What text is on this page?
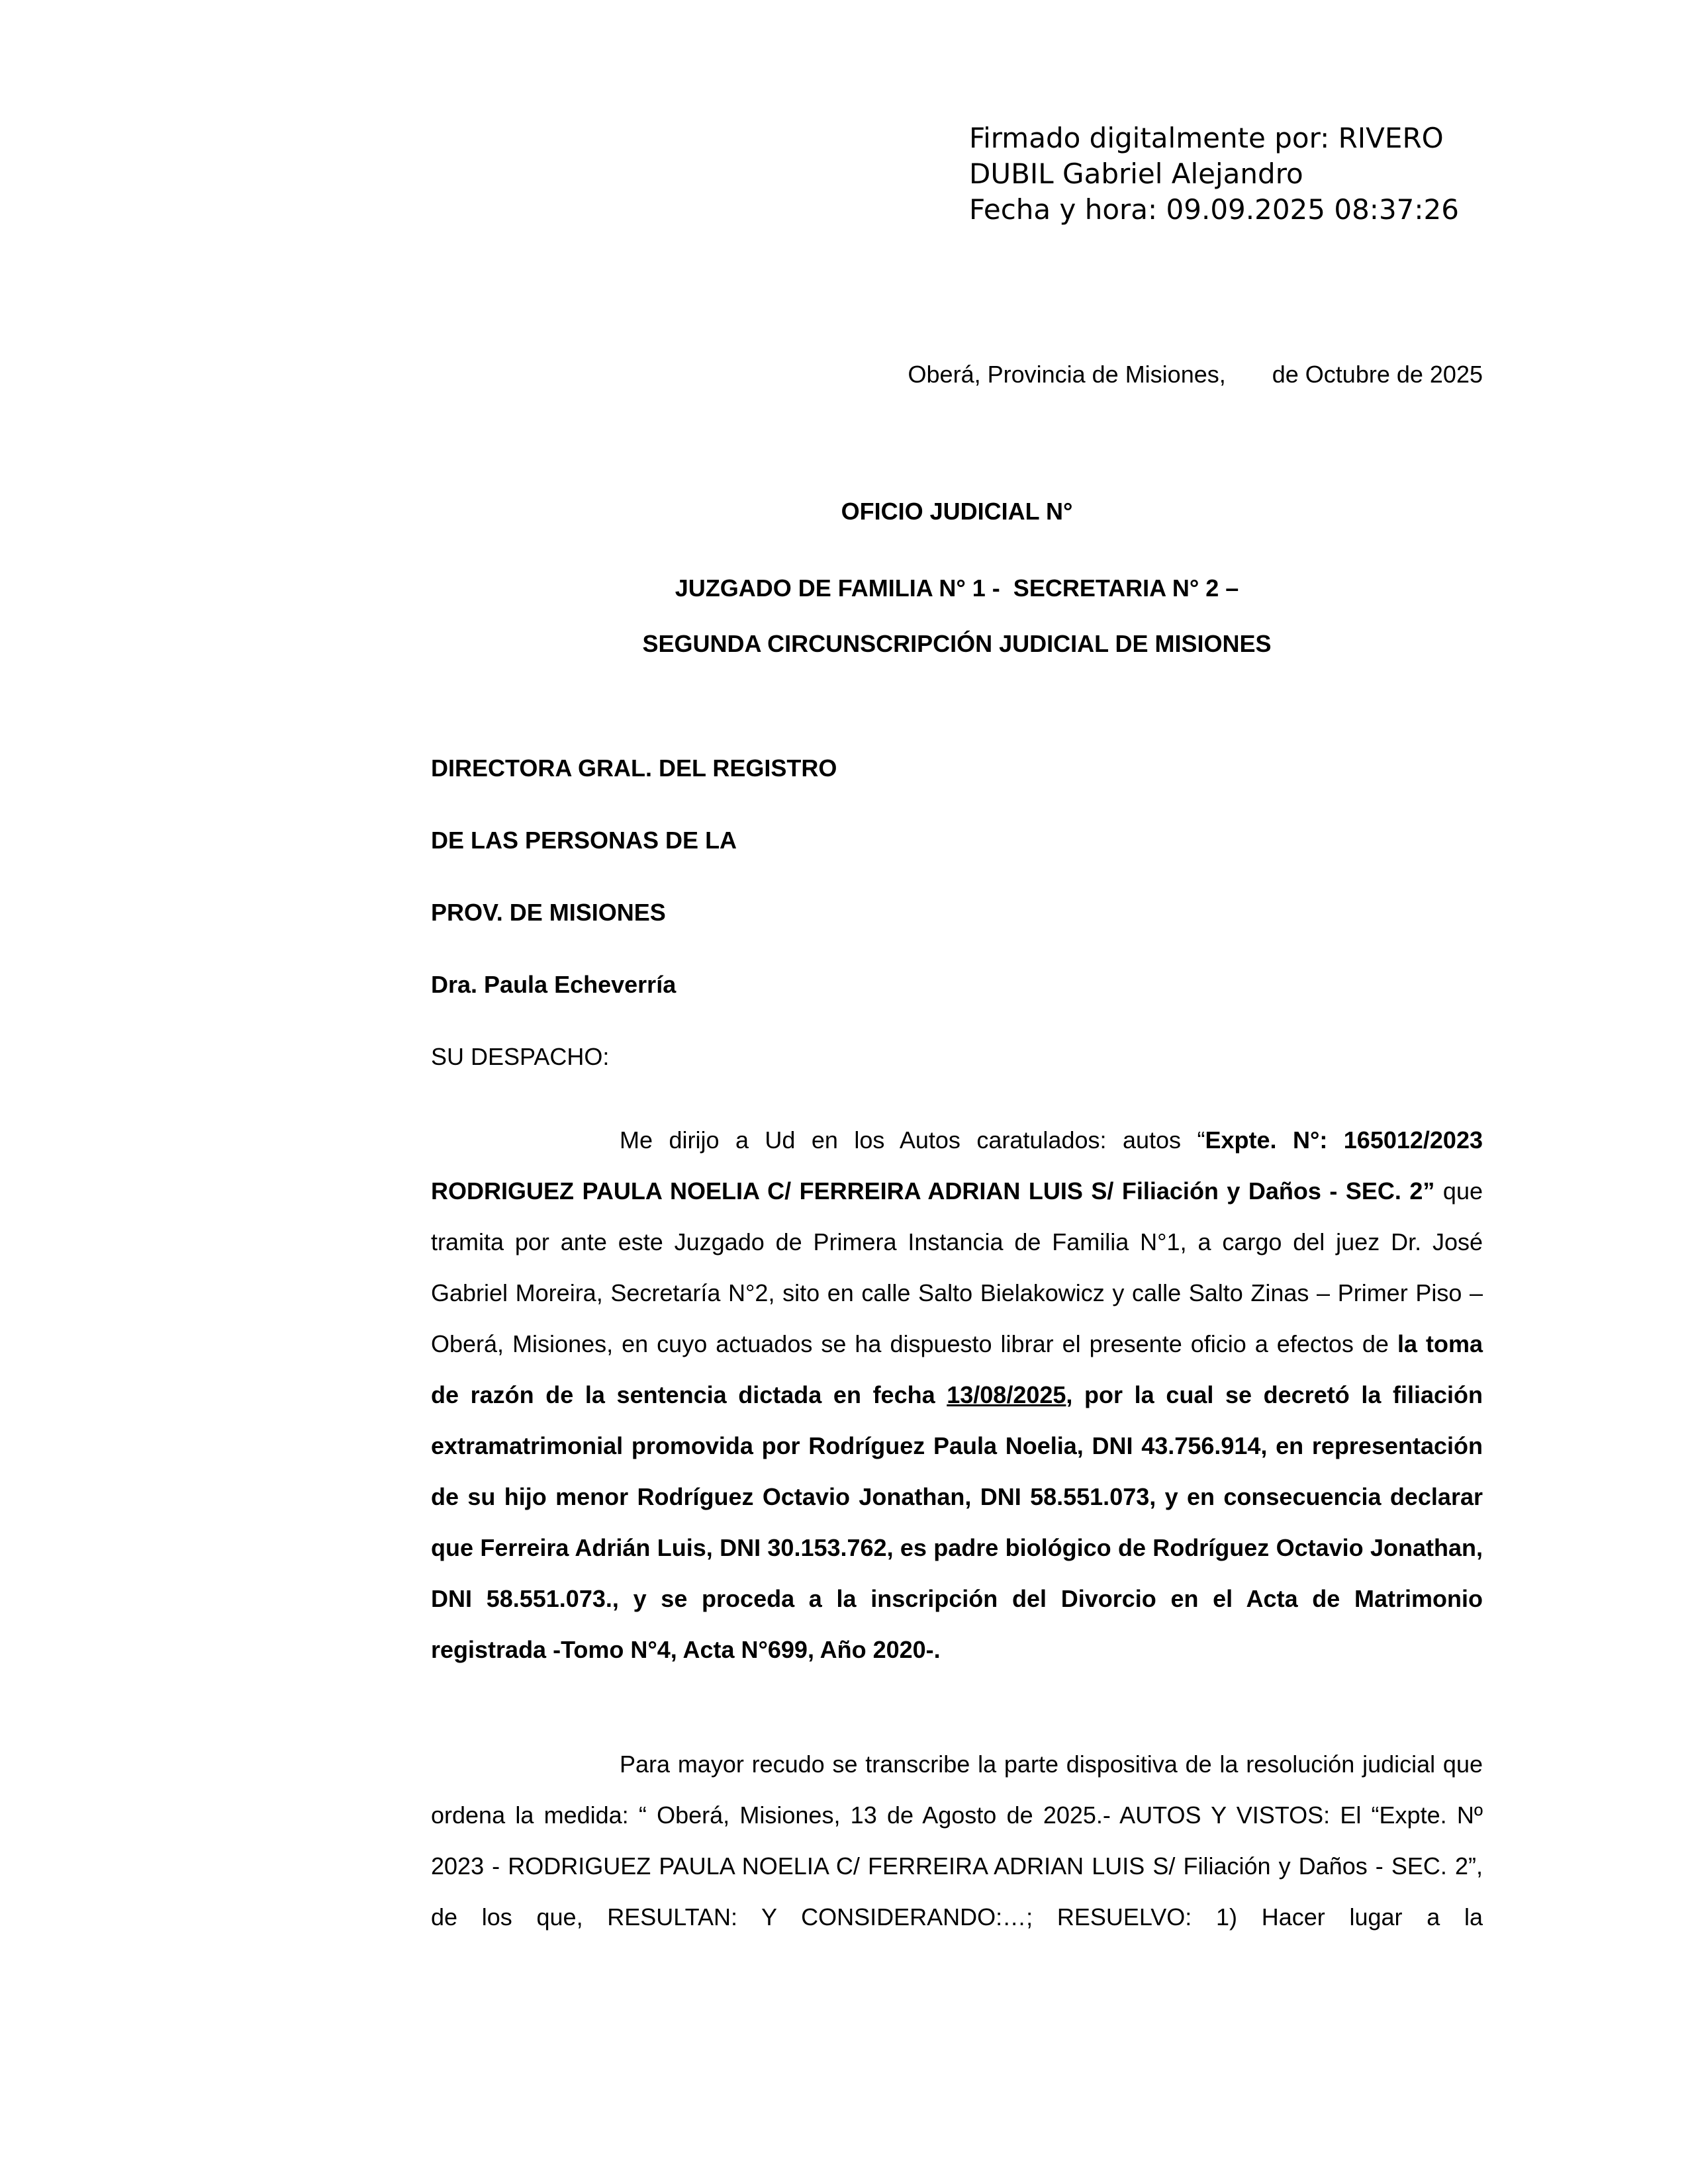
Firmado digitalmente por: RIVERO
DUBIL Gabriel Alejandro
Fecha y hora: 09.09.2025 08:37:26
Oberá, Provincia de Misiones,       de Octubre de 2025
OFICIO JUDICIAL N°
JUZGADO DE FAMILIA N° 1 -  SECRETARIA N° 2 –
SEGUNDA CIRCUNSCRIPCIÓN JUDICIAL DE MISIONES
DIRECTORA GRAL. DEL REGISTRO
DE LAS PERSONAS DE LA
PROV. DE MISIONES
Dra. Paula Echeverría
SU DESPACHO:

Me dirijo a Ud en los Autos caratulados: autos “Expte. N°: 165012/2023 RODRIGUEZ PAULA NOELIA C/ FERREIRA ADRIAN LUIS S/ Filiación y Daños - SEC. 2” que tramita por ante este Juzgado de Primera Instancia de Familia N°1, a cargo del juez Dr. José Gabriel Moreira, Secretaría N°2, sito en calle Salto Bielakowicz y calle Salto Zinas – Primer Piso – Oberá, Misiones, en cuyo actuados se ha dispuesto librar el presente oficio a efectos de la toma de razón de la sentencia dictada en fecha 13/08/2025, por la cual se decretó la filiación extramatrimonial promovida por Rodríguez Paula Noelia, DNI 43.756.914, en representación de su hijo menor Rodríguez Octavio Jonathan, DNI 58.551.073, y en consecuencia declarar que Ferreira Adrián Luis, DNI 30.153.762, es padre biológico de Rodríguez Octavio Jonathan, DNI 58.551.073., y se proceda a la inscripción del Divorcio en el Acta de Matrimonio registrada -Tomo N°4, Acta N°699, Año 2020-.

Para mayor recudo se transcribe la parte dispositiva de la resolución judicial que ordena la medida: “ Oberá, Misiones, 13 de Agosto de 2025.- AUTOS Y VISTOS: El “Expte. Nº 2023 - RODRIGUEZ PAULA NOELIA C/ FERREIRA ADRIAN LUIS S/ Filiación y Daños - SEC. 2”, de los que, RESULTAN: Y CONSIDERANDO:…; RESUELVO: 1) Hacer lugar a la
